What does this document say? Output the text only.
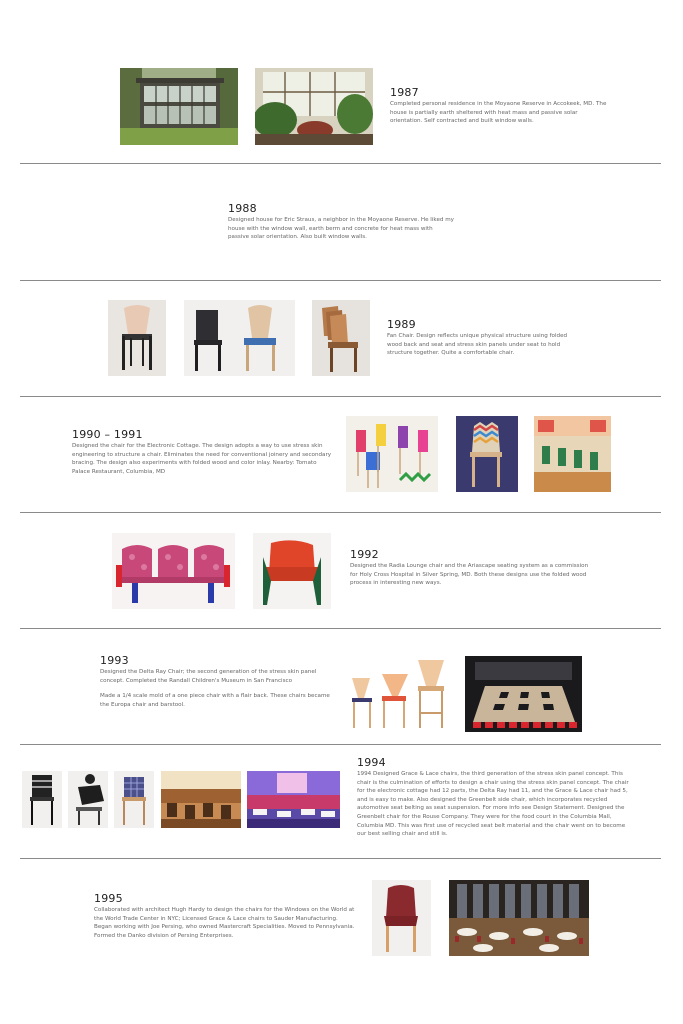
1987

Completed personal residence in the Moyaone Reserve in Accokeek, MD. The house is partially earth sheltered with heat mass and passive solar orientation. Self contracted and built window walls.

1988

Designed house for Eric Straus, a neighbor in the Moyaone Reserve. He liked my house with the window wall, earth berm and concrete for heat mass with passive solar orientation. Also built window walls.

1989

Fan Chair. Design reflects unique physical structure using folded wood back and seat and stress skin panels under seat to hold structure together. Quite a comfortable chair.

1990 – 1991

Designed the chair for the Electronic Cottage. The design adopts a way to use stress skin engineering to structure a chair. Eliminates the need for conventional joinery and secondary bracing. The design also experiments with folded wood and color inlay. Nearby: Tomato Palace Restaurant, Columbia, MD

1992

Designed the Radia Lounge chair and the Ariascape seating system as a commission for Holy Cross Hospital in Silver Spring, MD. Both these designs use the folded wood process in interesting new ways.

1993

Designed the Delta Ray Chair; the second generation of the stress skin panel concept. Completed the Randall Children's Museum in San Francisco

Made a 1/4 scale mold of a one piece chair with a flair back. These chairs became the Europa chair and barstool.

1994

1994 Designed Grace & Lace chairs, the third generation of the stress skin panel concept. This chair is the culmination of efforts to design a chair using the stress skin panel concept. The chair for the electronic cottage had 12 parts, the Delta Ray had 11, and the Grace & Lace chair had 5, and is easy to make. Also designed the Greenbelt side chair, which incorporates recycled automotive seat belting as seat suspension. For more info see Design Statement. Designed the Greenbelt chair for the Rouse Company. They were for the food court in the Columbia Mall, Columbia MD. This was first use of recycled seat belt material and the chair went on to become our best selling chair and still is.

1995

Collaborated with architect Hugh Hardy to design the chairs for the Windows on the World at the World Trade Center in NYC; Licensed Grace & Lace chairs to Sauder Manufacturing. Began working with Joe Persing, who owned Mastercraft Specialities. Moved to Pennsylvania. Formed the Danko division of Persing Enterprises.
